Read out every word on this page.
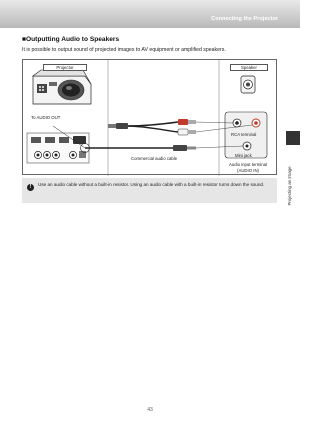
Connecting the Projector
Projecting an Image
■Outputting Audio to Speakers
It is possible to output sound of projected images to AV equipment or amplified speakers.
Projector	Speaker
To AUDIO OUT
RCA terminal
Mini jack
Commercial audio cable
Audio input terminal
(AUDIO IN)
!	Use an audio cable without a built-in resistor. Using an audio cable with a built-in resistor turns down the sound.
43
